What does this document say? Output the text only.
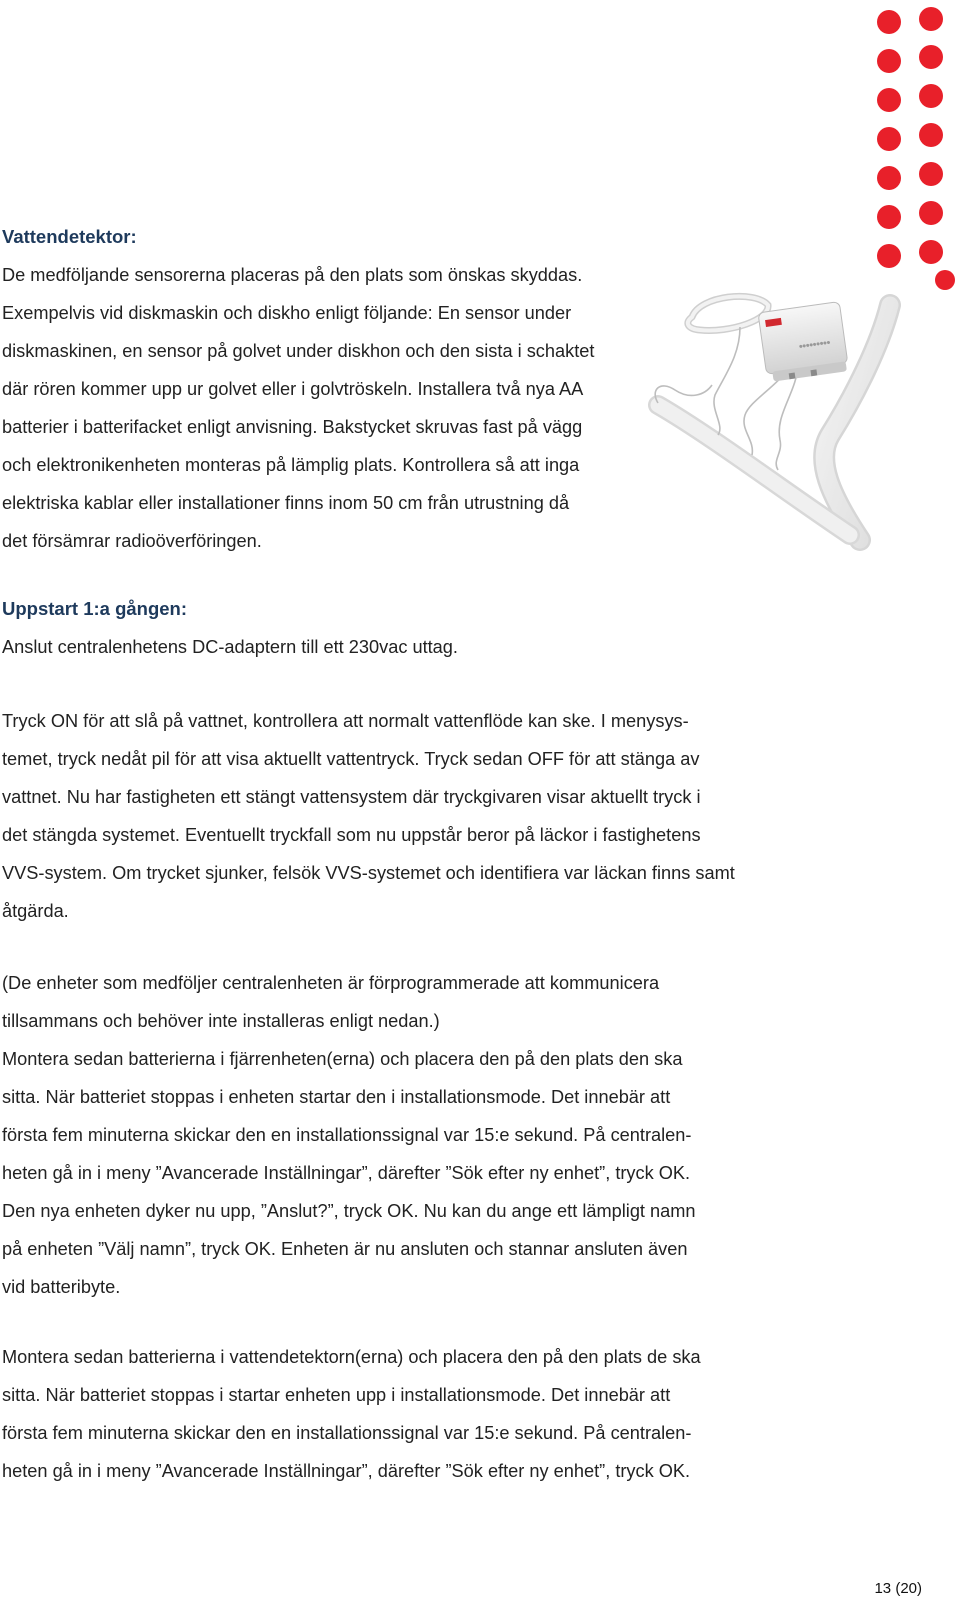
●●●●●●●●●

Vattendetektor:

De medföljande sensorerna placeras på den plats som önskas skyddas.

Exempelvis vid diskmaskin och diskho enligt följande: En sensor under

diskmaskinen, en sensor på golvet under diskhon och den sista i schaktet

där rören kommer upp ur golvet eller i golvtröskeln. Installera två nya AA

batterier i batterifacket enligt anvisning. Bakstycket skruvas fast på vägg

och elektronikenheten monteras på lämplig plats. Kontrollera så att inga

elektriska kablar eller installationer finns inom 50 cm från utrustning då

det försämrar radioöverföringen.

Uppstart 1:a gången:

Anslut centralenhetens DC-adaptern till ett 230vac uttag.

Tryck ON för att slå på vattnet, kontrollera att normalt vattenflöde kan ske. I menysys-

temet, tryck nedåt pil för att visa aktuellt vattentryck. Tryck sedan OFF för att stänga av

vattnet. Nu har fastigheten ett stängt vattensystem där tryckgivaren visar aktuellt tryck i

det stängda systemet. Eventuellt tryckfall som nu uppstår beror på läckor i fastighetens

VVS-system. Om trycket sjunker, felsök VVS-systemet och identifiera var läckan finns samt

åtgärda.

(De enheter som medföljer centralenheten är förprogrammerade att kommunicera

tillsammans och behöver inte installeras enligt nedan.)

Montera sedan batterierna i fjärrenheten(erna) och placera den på den plats den ska

sitta. När batteriet stoppas i enheten startar den i installationsmode. Det innebär att

första fem minuterna skickar den en installationssignal var 15:e sekund. På centralen-

heten gå in i meny ”Avancerade Inställningar”, därefter ”Sök efter ny enhet”, tryck OK.

Den nya enheten dyker nu upp, ”Anslut?”, tryck OK. Nu kan du ange ett lämpligt namn

på enheten ”Välj namn”, tryck OK. Enheten är nu ansluten och stannar ansluten även

vid batteribyte.

Montera sedan batterierna i vattendetektorn(erna) och placera den på den plats de ska

sitta. När batteriet stoppas i startar enheten upp i installationsmode. Det innebär att

första fem minuterna skickar den en installationssignal var 15:e sekund. På centralen-

heten gå in i meny ”Avancerade Inställningar”, därefter ”Sök efter ny enhet”, tryck OK.

13 (20)
